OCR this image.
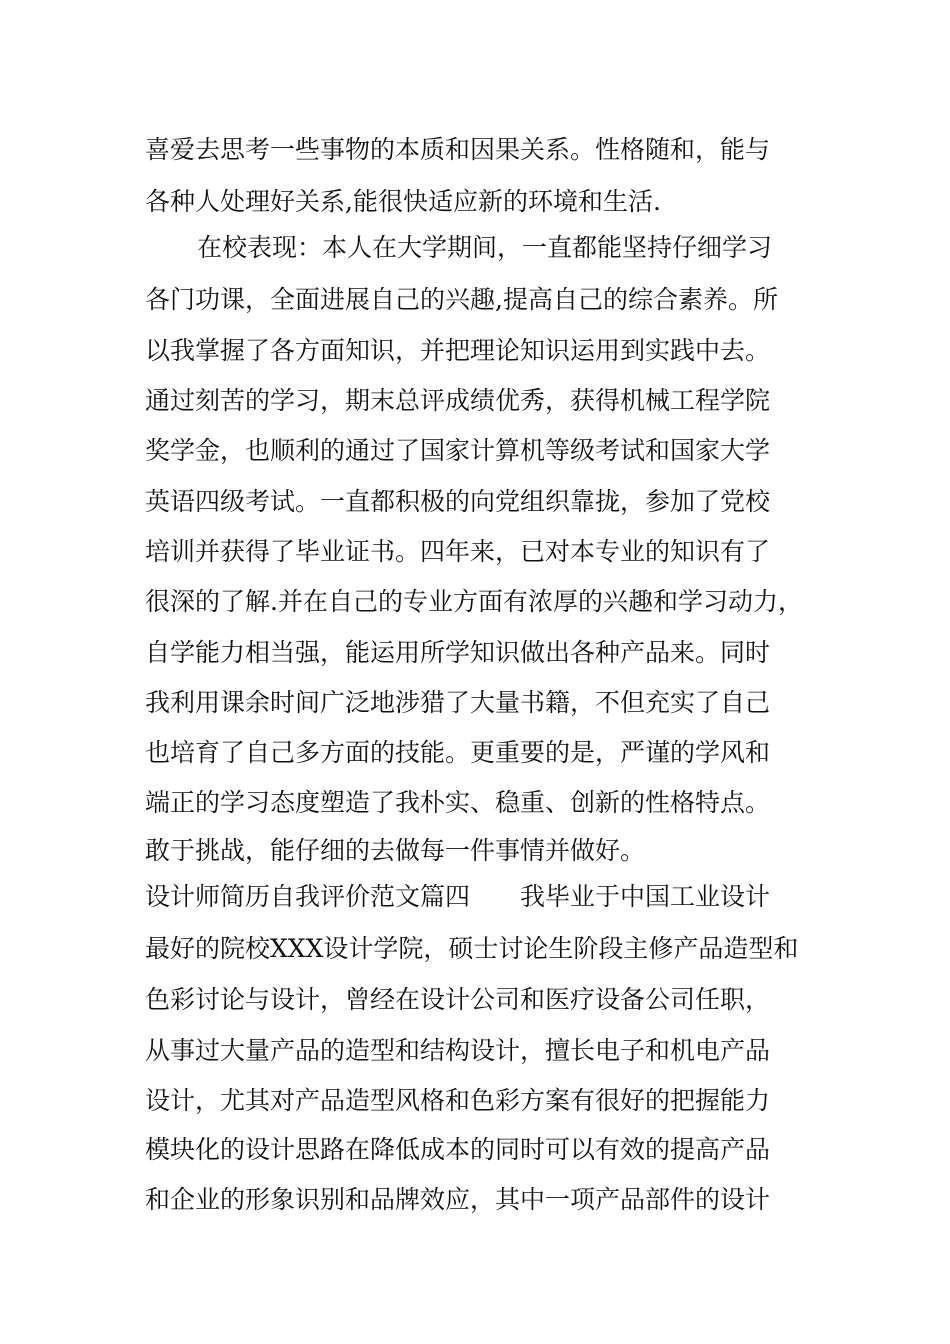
喜爱去思考一些事物的本质和因果关系。性格随和，能与
各种人处理好关系,能很快适应新的环境和生活.
在校表现：本人在大学期间，一直都能坚持仔细学习
各门功课，全面进展自己的兴趣,提高自己的综合素养。所
以我掌握了各方面知识，并把理论知识运用到实践中去。
通过刻苦的学习，期末总评成绩优秀，获得机械工程学院
奖学金，也顺利的通过了国家计算机等级考试和国家大学
英语四级考试。一直都积极的向党组织靠拢，参加了党校
培训并获得了毕业证书。四年来，已对本专业的知识有了
很深的了解.并在自己的专业方面有浓厚的兴趣和学习动力，
自学能力相当强，能运用所学知识做出各种产品来。同时
我利用课余时间广泛地涉猎了大量书籍，不但充实了自己
也培育了自己多方面的技能。更重要的是，严谨的学风和
端正的学习态度塑造了我朴实、稳重、创新的性格特点。
敢于挑战，能仔细的去做每一件事情并做好。
设计师简历自我评价范文篇四　　我毕业于中国工业设计
最好的院校XXX设计学院，硕士讨论生阶段主修产品造型和
色彩讨论与设计，曾经在设计公司和医疗设备公司任职，
从事过大量产品的造型和结构设计，擅长电子和机电产品
设计，尤其对产品造型风格和色彩方案有很好的把握能力
模块化的设计思路在降低成本的同时可以有效的提高产品
和企业的形象识别和品牌效应，其中一项产品部件的设计
